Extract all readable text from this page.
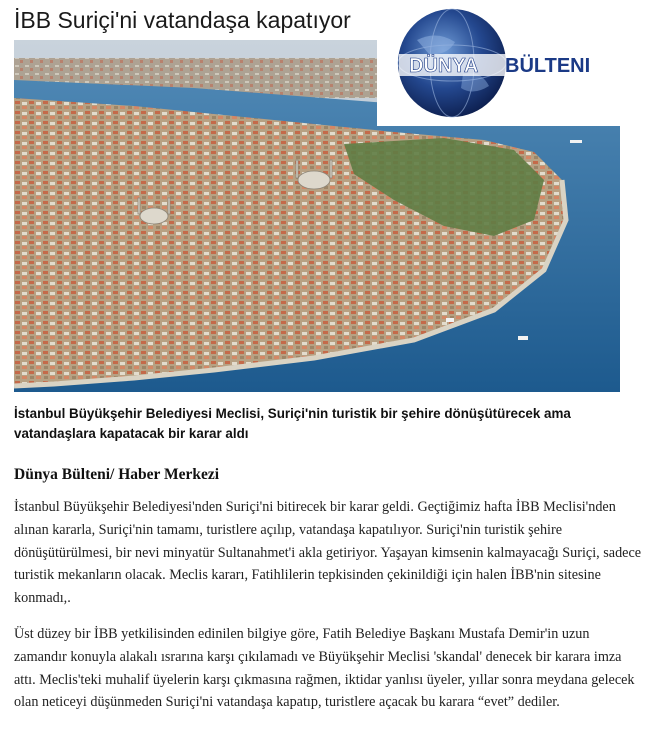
İBB Suriçi'ni vatandaşa kapatıyor
DÜNYA BÜLTENI

İstanbul Büyükşehir Belediyesi Meclisi, Suriçi'nin turistik bir şehire dönüşütürecek ama vatandaşlara kapatacak bir karar aldı

Dünya Bülteni/ Haber Merkezi

İstanbul Büyükşehir Belediyesi'nden Suriçi'ni bitirecek bir karar geldi. Geçtiğimiz hafta İBB Meclisi'nden alınan kararla, Suriçi'nin tamamı, turistlere açılıp, vatandaşa kapatılıyor. Suriçi'nin turistik şehire dönüşütürülmesi, bir nevi minyatür Sultanahmet'i akla getiriyor. Yaşayan kimsenin kalmayacağı Suriçi, sadece turistik mekanların olacak. Meclis kararı, Fatihlilerin tepkisinden çekinildiği için halen İBB'nin sitesine konmadı,.

Üst düzey bir İBB yetkilisinden edinilen bilgiye göre, Fatih Belediye Başkanı Mustafa Demir'in uzun zamandır konuyla alakalı ısrarına karşı çıkılamadı ve Büyükşehir Meclisi 'skandal' denecek bir karara imza attı. Meclis'teki muhalif üyelerin karşı çıkmasına rağmen, iktidar yanlısı üyeler, yıllar sonra meydana gelecek olan neticeyi düşünmeden Suriçi'ni vatandaşa kapatıp, turistlere açacak bu karara “evet” dediler.
